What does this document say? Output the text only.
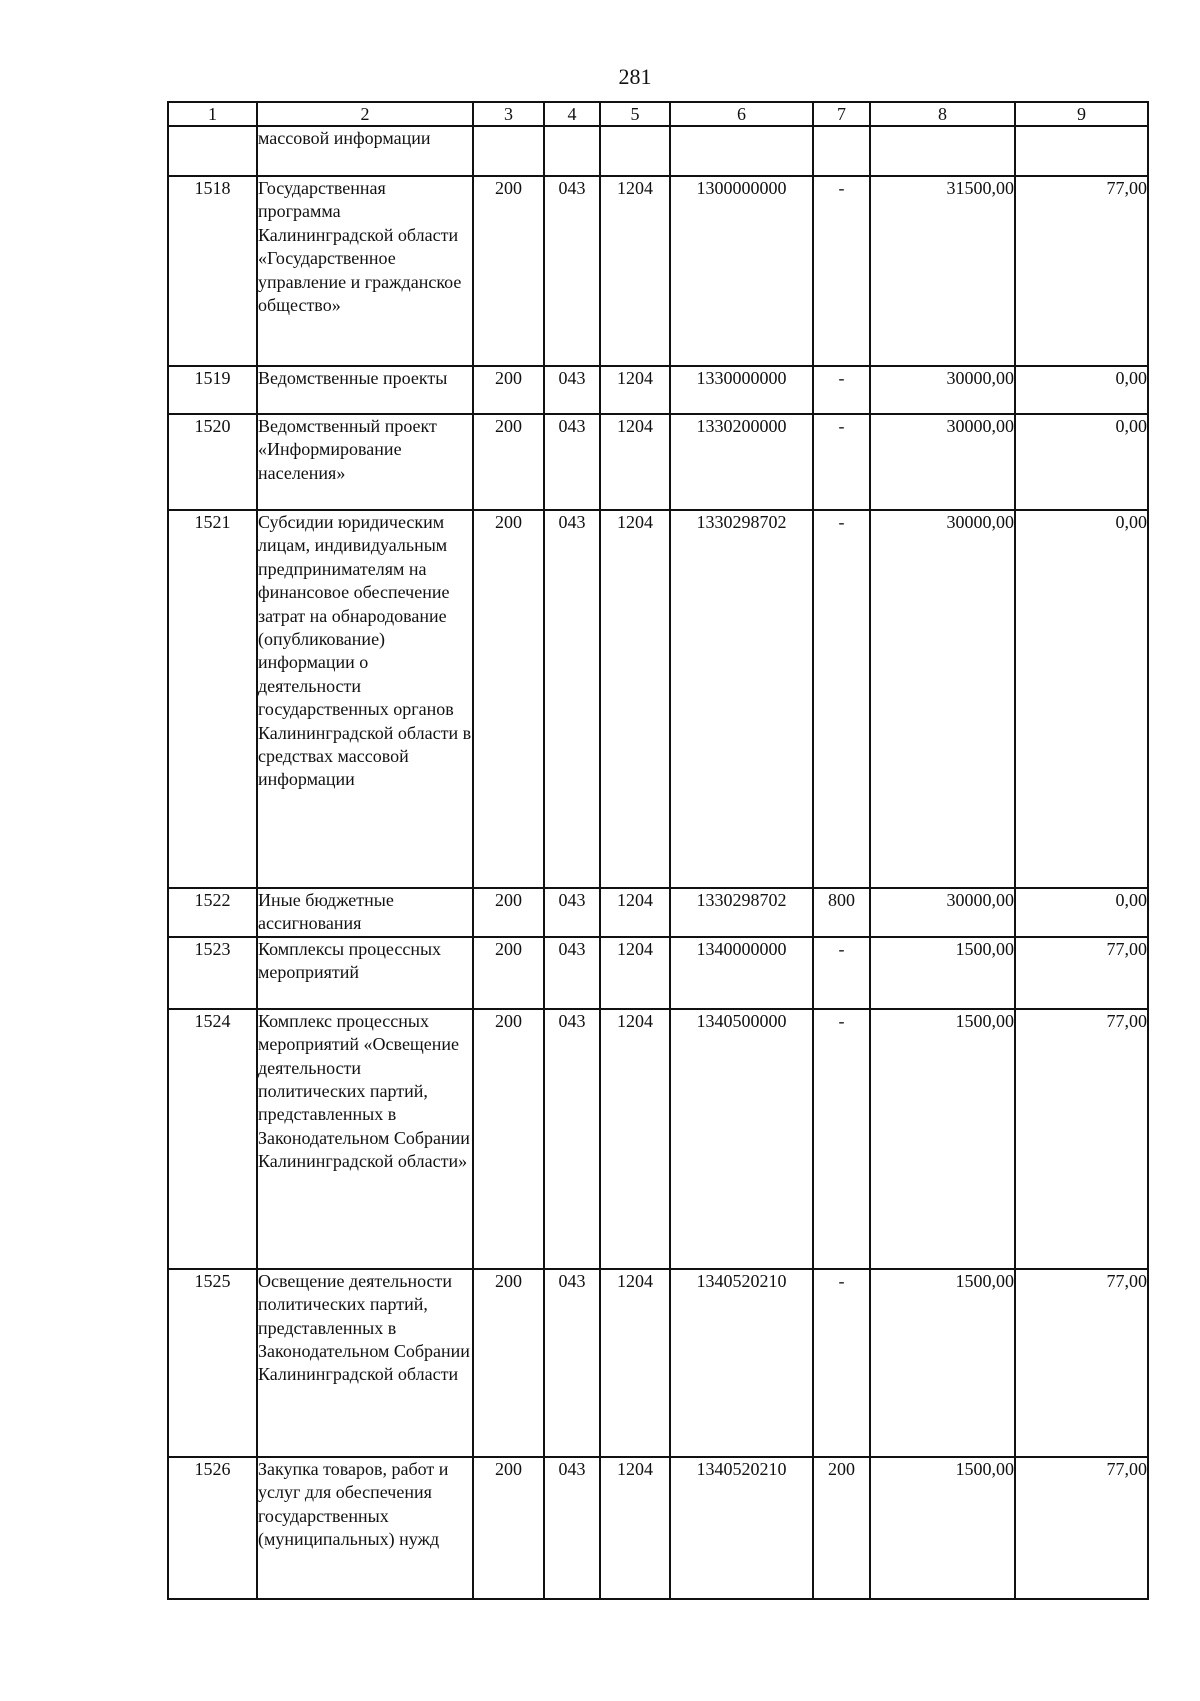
281
1	2	3	4	5	6	7	8	9
	массовой информации							
1518	Государственная программа Калининградской области «Государственное управление и гражданское общество»	200	043	1204	1300000000	-	31500,00	77,00
1519	Ведомственные проекты	200	043	1204	1330000000	-	30000,00	0,00
1520	Ведомственный проект «Информирование населения»	200	043	1204	1330200000	-	30000,00	0,00
1521	Субсидии юридическим лицам, индивидуальным предпринимателям на финансовое обеспечение затрат на обнародование (опубликование) информации о деятельности государственных органов Калининградской области в средствах массовой информации	200	043	1204	1330298702	-	30000,00	0,00
1522	Иные бюджетные ассигнования	200	043	1204	1330298702	800	30000,00	0,00
1523	Комплексы процессных мероприятий	200	043	1204	1340000000	-	1500,00	77,00
1524	Комплекс процессных мероприятий «Освещение деятельности политических партий, представленных в Законодательном Собрании Калининградской области»	200	043	1204	1340500000	-	1500,00	77,00
1525	Освещение деятельности политических партий, представленных в Законодательном Собрании Калининградской области	200	043	1204	1340520210	-	1500,00	77,00
1526	Закупка товаров, работ и услуг для обеспечения государственных (муниципальных) нужд	200	043	1204	1340520210	200	1500,00	77,00
